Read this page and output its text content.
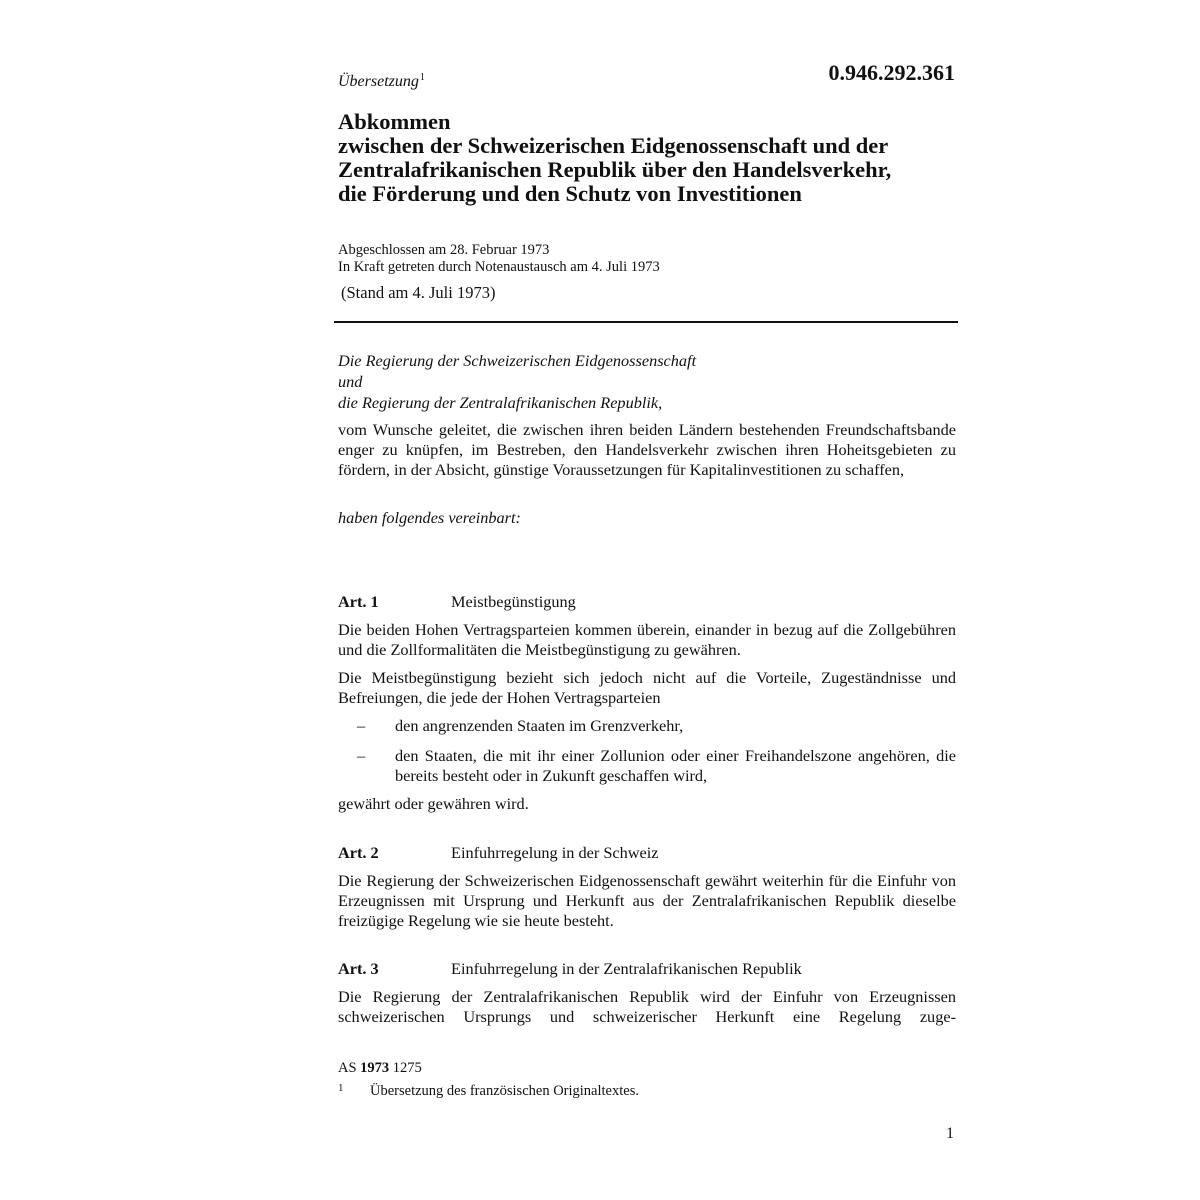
Übersetzung$^1$	0.946.292.361
Abkommen
zwischen der Schweizerischen Eidgenossenschaft und der
Zentralafrikanischen Republik über den Handelsverkehr,
die Förderung und den Schutz von Investitionen
Abgeschlossen am 28. Februar 1973
In Kraft getreten durch Notenaustausch am 4. Juli 1973
(Stand am 4. Juli 1973)
Die Regierung der Schweizerischen Eidgenossenschaft
und
die Regierung der Zentralafrikanischen Republik,
vom Wunsche geleitet, die zwischen ihren beiden Ländern bestehenden Freundschaftsbande enger zu knüpfen, im Bestreben, den Handelsverkehr zwischen ihren Hoheitsgebieten zu fördern, in der Absicht, günstige Voraussetzungen für Kapitalinvestitionen zu schaffen,
haben folgendes vereinbart:
Art. 1	Meistbegünstigung
Die beiden Hohen Vertragsparteien kommen überein, einander in bezug auf die Zollgebühren und die Zollformalitäten die Meistbegünstigung zu gewähren.
Die Meistbegünstigung bezieht sich jedoch nicht auf die Vorteile, Zugeständnisse und Befreiungen, die jede der Hohen Vertragsparteien
– den angrenzenden Staaten im Grenzverkehr,
– den Staaten, die mit ihr einer Zollunion oder einer Freihandelszone angehören, die bereits besteht oder in Zukunft geschaffen wird,
gewährt oder gewähren wird.
Art. 2	Einfuhrregelung in der Schweiz
Die Regierung der Schweizerischen Eidgenossenschaft gewährt weiterhin für die Einfuhr von Erzeugnissen mit Ursprung und Herkunft aus der Zentralafrikanischen Republik dieselbe freizügige Regelung wie sie heute besteht.
Art. 3	Einfuhrregelung in der Zentralafrikanischen Republik
Die Regierung der Zentralafrikanischen Republik wird der Einfuhr von Erzeugnissen schweizerischen Ursprungs und schweizerischer Herkunft eine Regelung zuge-
AS 1973 1275
1 Übersetzung des französischen Originaltextes.
1
